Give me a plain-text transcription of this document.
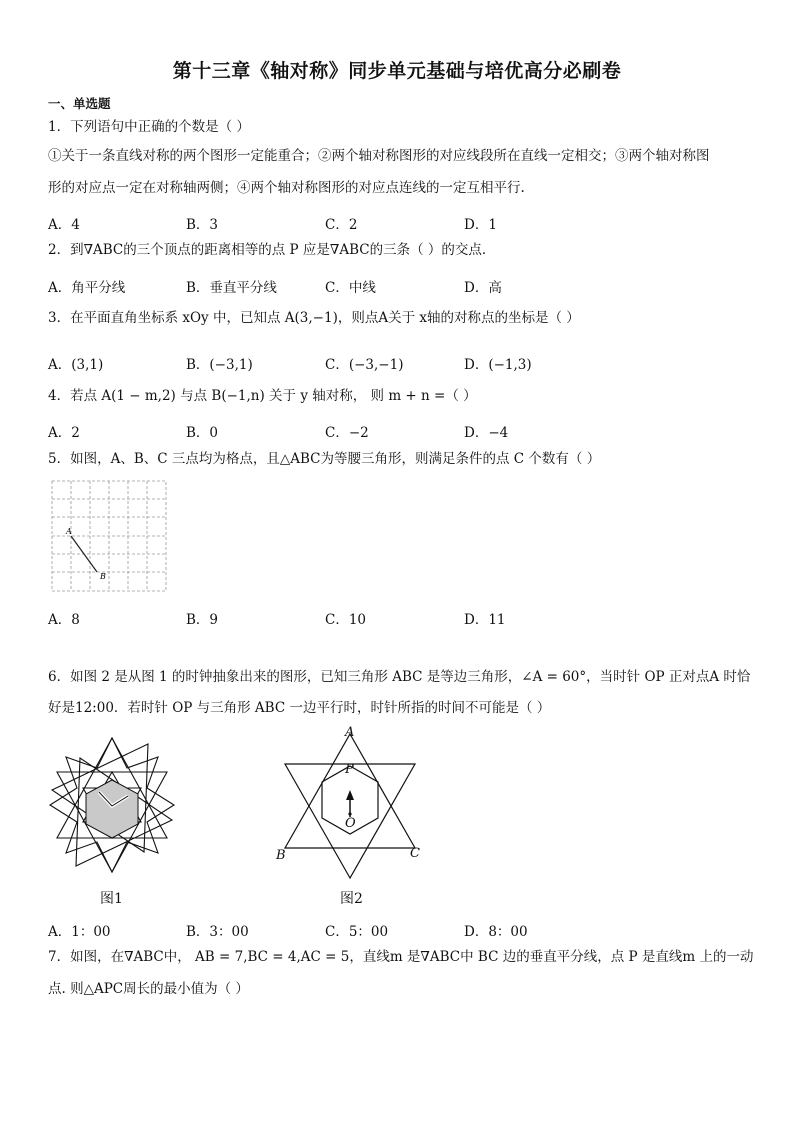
第十三章《轴对称》同步单元基础与培优高分必刷卷
一、单选题
1．下列语句中正确的个数是（ ）
①关于一条直线对称的两个图形一定能重合；②两个轴对称图形的对应线段所在直线一定相交；③两个轴对称图
形的对应点一定在对称轴两侧；④两个轴对称图形的对应点连线的一定互相平行.
A．4	B．3	C．2	D．1
2．到∇ABC的三个顶点的距离相等的点 P 应是∇ABC的三条（ ）的交点．
A．角平分线	B．垂直平分线	C．中线	D．高
3．在平面直角坐标系 xOy 中，已知点 A(3,−1)，则点A关于 x轴的对称点的坐标是（ ）
A．(3,1)	B．(−3,1)	C．(−3,−1)	D．(−1,3)
4．若点 A(1 − m,2) 与点 B(−1,n) 关于 y 轴对称， 则 m + n =（ ）
A．2	B．0	C．−2	D．−4
5．如图，A、B、C 三点均为格点，且△ABC为等腰三角形，则满足条件的点 C 个数有（ ）
A
B
A．8	B．9	C．10	D．11
6．如图 2 是从图 1 的时钟抽象出来的图形，已知三角形 ABC 是等边三角形，∠A = 60°，当时针 OP 正对点A 时恰
好是12:00．若时针 OP 与三角形 ABC 一边平行时，时针所指的时间不可能是（ ）
图1
A
B	C
P
O
图2
A．1：00	B．3：00	C．5：00	D．8：00
7．如图，在∇ABC中， AB = 7,BC = 4,AC = 5，直线m 是∇ABC中 BC 边的垂直平分线，点 P 是直线m 上的一动
点. 则△APC周长的最小值为（ ）
